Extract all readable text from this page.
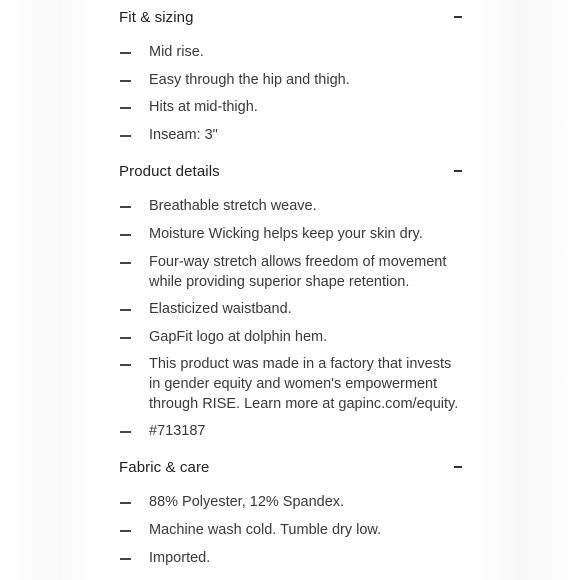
Fit & sizing
Mid rise.
Easy through the hip and thigh.
Hits at mid-thigh.
Inseam: 3"
Product details
Breathable stretch weave.
Moisture Wicking helps keep your skin dry.
Four-way stretch allows freedom of movement while providing superior shape retention.
Elasticized waistband.
GapFit logo at dolphin hem.
This product was made in a factory that invests in gender equity and women's empowerment through RISE. Learn more at gapinc.com/equity.
#713187
Fabric & care
88% Polyester, 12% Spandex.
Machine wash cold. Tumble dry low.
Imported.
